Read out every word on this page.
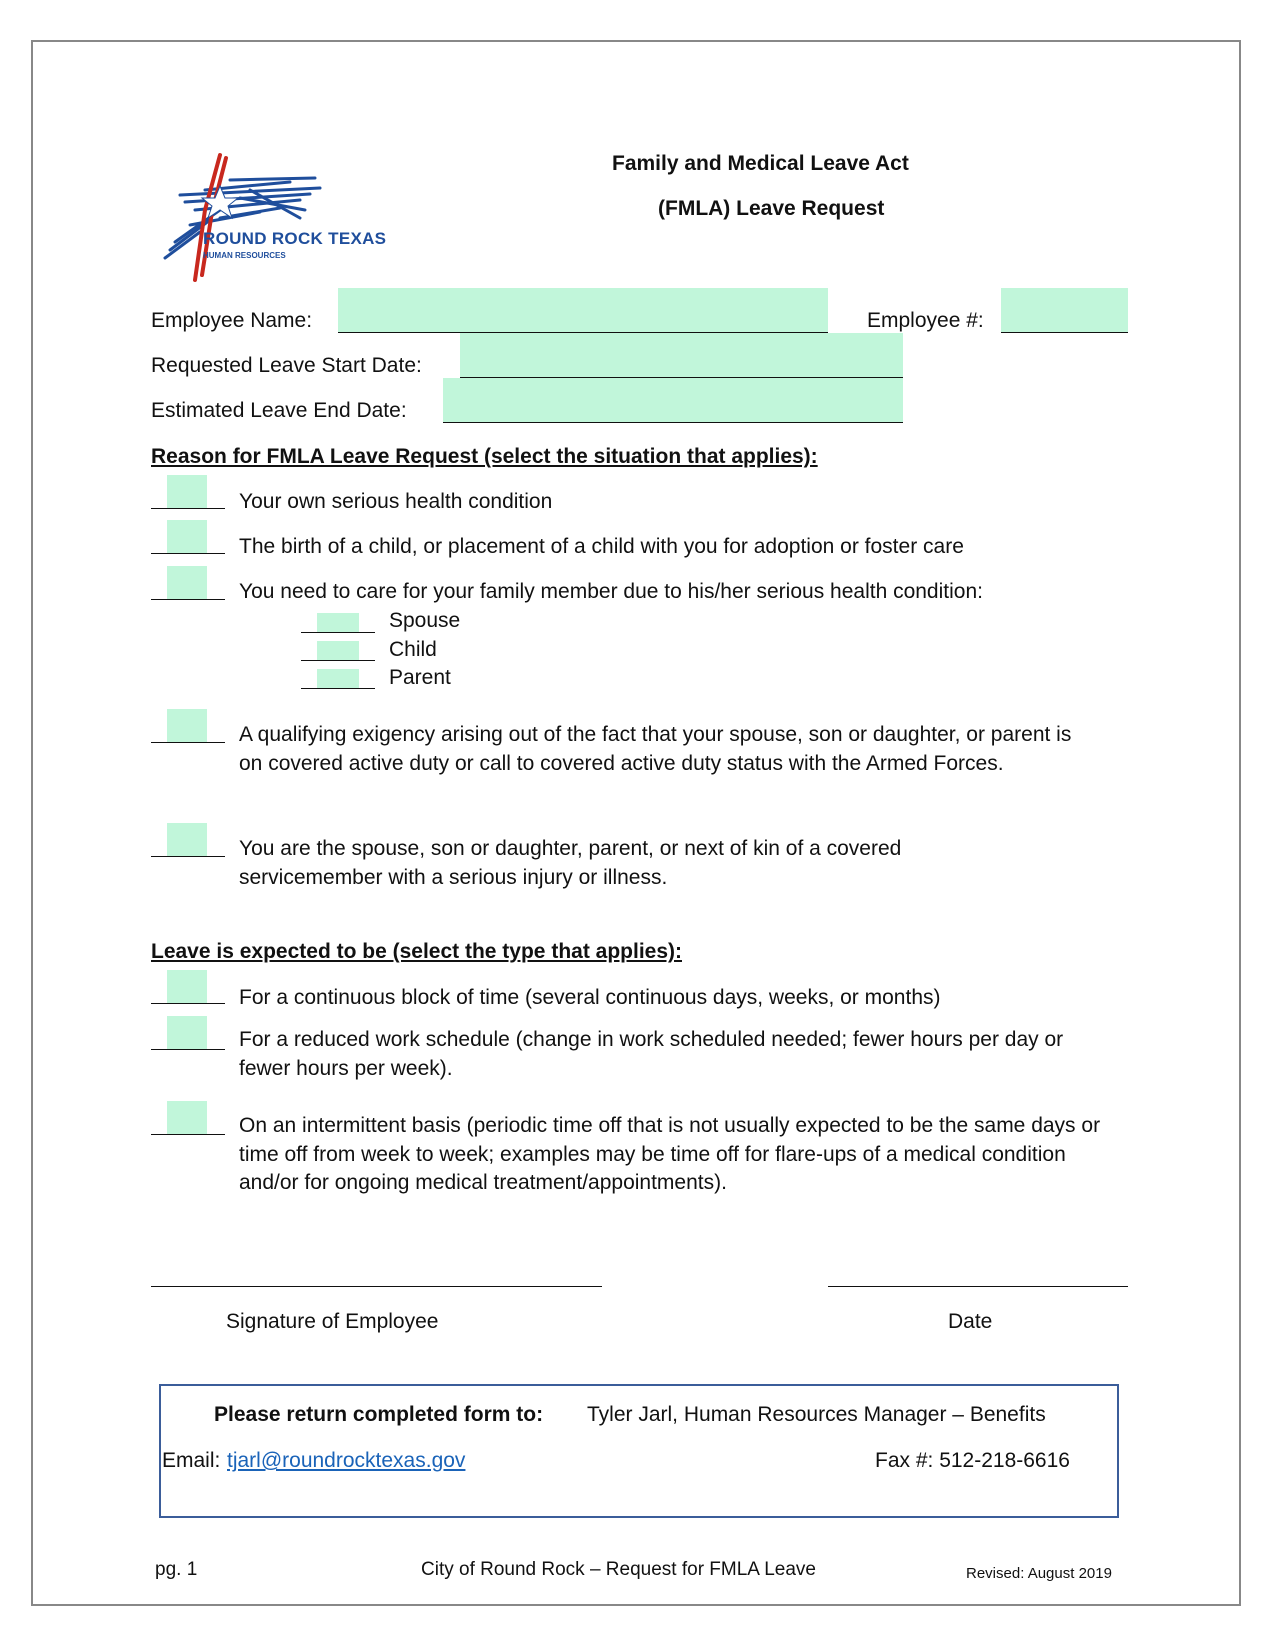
ROUND ROCK TEXAS
HUMAN RESOURCES
Family and Medical Leave Act
(FMLA) Leave Request
Employee Name:	Employee #:
Requested Leave Start Date:
Estimated Leave End Date:
Reason for FMLA Leave Request (select the situation that applies):
Your own serious health condition
The birth of a child, or placement of a child with you for adoption or foster care
You need to care for your family member due to his/her serious health condition:
Spouse
Child
Parent
A qualifying exigency arising out of the fact that your spouse, son or daughter, or parent is on covered active duty or call to covered active duty status with the Armed Forces.
You are the spouse, son or daughter, parent, or next of kin of a covered servicemember with a serious injury or illness.
Leave is expected to be (select the type that applies):
For a continuous block of time (several continuous days, weeks, or months)
For a reduced work schedule (change in work scheduled needed; fewer hours per day or fewer hours per week).
On an intermittent basis (periodic time off that is not usually expected to be the same days or time off from week to week; examples may be time off for flare-ups of a medical condition and/or for ongoing medical treatment/appointments).
Signature of Employee	Date
Please return completed form to: Tyler Jarl, Human Resources Manager – Benefits
Email: tjarl@roundrocktexas.gov	Fax #: 512-218-6616
pg. 1	City of Round Rock – Request for FMLA Leave	Revised: August 2019
